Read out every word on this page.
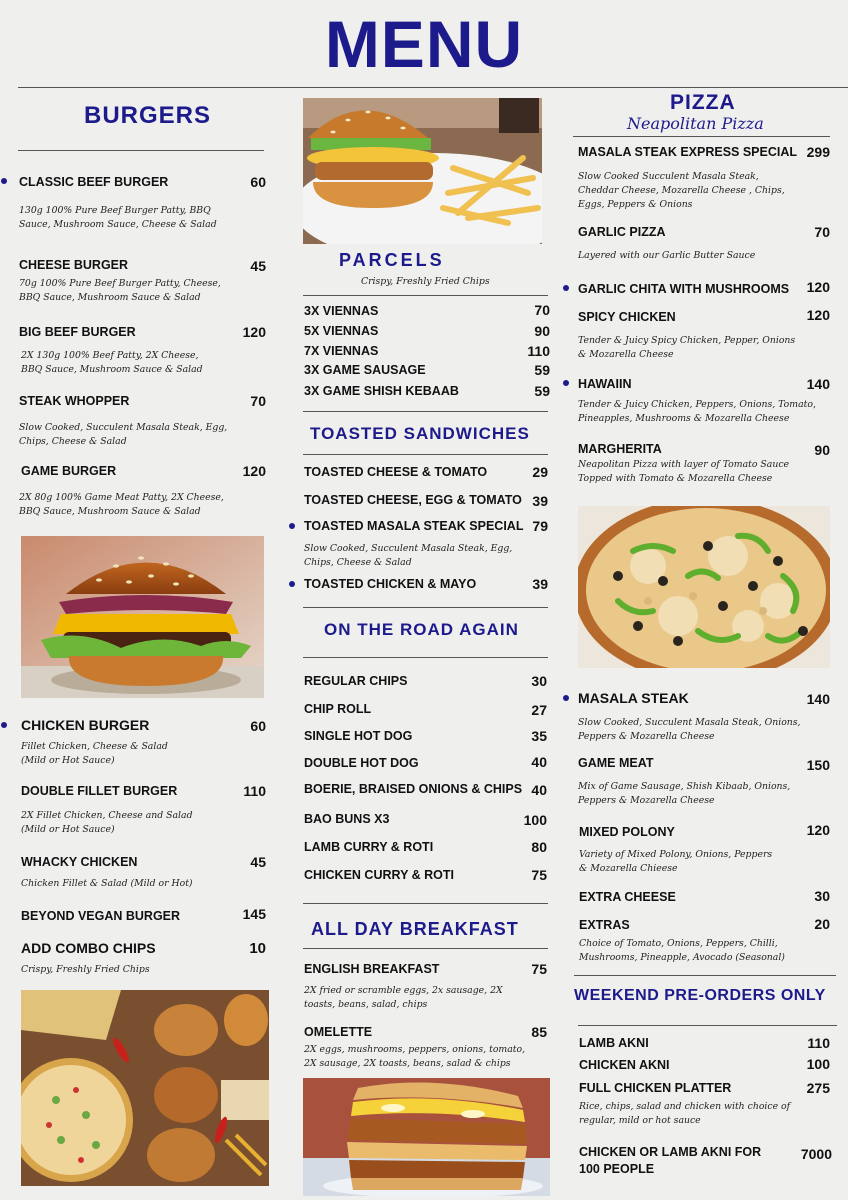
MENU
BURGERS
CLASSIC BEEF BURGER	60
130g 100% Pure Beef Burger Patty, BBQ
Sauce, Mushroom Sauce, Cheese & Salad
CHEESE BURGER	45
70g 100% Pure Beef Burger Patty, Cheese,
BBQ Sauce, Mushroom Sauce & Salad
BIG BEEF BURGER	120
2X 130g 100% Beef Patty, 2X Cheese,
BBQ Sauce, Mushroom Sauce & Salad
STEAK WHOPPER	70
Slow Cooked, Succulent Masala Steak, Egg,
Chips, Cheese & Salad
GAME BURGER	120
2X 80g 100% Game Meat Patty, 2X Cheese,
BBQ Sauce, Mushroom Sauce & Salad
CHICKEN BURGER	60
Fillet Chicken, Cheese & Salad
(Mild or Hot Sauce)
DOUBLE FILLET BURGER	110
2X Fillet Chicken, Cheese and Salad
(Mild or Hot Sauce)
WHACKY CHICKEN	45
Chicken Fillet & Salad (Mild or Hot)
BEYOND VEGAN BURGER	145
ADD COMBO CHIPS	10
Crispy, Freshly Fried Chips
PARCELS
Crispy, Freshly Fried Chips
3X VIENNAS	70
5X VIENNAS	90
7X VIENNAS	110
3X GAME SAUSAGE	59
3X GAME SHISH KEBAAB	59
TOASTED SANDWICHES
TOASTED CHEESE & TOMATO	29
TOASTED CHEESE, EGG & TOMATO 39
TOASTED MASALA STEAK SPECIAL 79
Slow Cooked, Succulent Masala Steak, Egg,
Chips, Cheese & Salad
TOASTED CHICKEN & MAYO	39
ON THE ROAD AGAIN
REGULAR CHIPS	30
CHIP ROLL	27
SINGLE HOT DOG	35
DOUBLE HOT DOG	40
BOERIE, BRAISED ONIONS & CHIPS 40
BAO BUNS X3	100
LAMB CURRY & ROTI	80
CHICKEN CURRY & ROTI	75
ALL DAY BREAKFAST
ENGLISH BREAKFAST	75
2X fried or scramble eggs, 2x sausage, 2X
toasts, beans, salad, chips
OMELETTE	85
2X eggs, mushrooms, peppers, onions, tomato,
2X sausage, 2X toasts, beans, salad & chips
PIZZA
Neapolitan Pizza
MASALA STEAK EXPRESS SPECIAL 299
Slow Cooked Succulent Masala Steak,
Cheddar Cheese, Mozarella Cheese , Chips,
Eggs, Peppers & Onions
GARLIC PIZZA	70
Layered with our Garlic Butter Sauce
GARLIC CHITA WITH MUSHROOMS	120
SPICY CHICKEN	120
Tender & Juicy Spicy Chicken, Pepper, Onions
& Mozarella Cheese
HAWAIIN	140
Tender & Juicy Chicken, Peppers, Onions, Tomato,
Pineapples, Mushrooms & Mozarella Cheese
MARGHERITA	90
Neapolitan Pizza with layer of Tomato Sauce
Topped with Tomato & Mozarella Cheese
MASALA STEAK	140
Slow Cooked, Succulent Masala Steak, Onions,
Peppers & Mozarella Cheese
GAME MEAT	150
Mix of Game Sausage, Shish Kibaab, Onions,
Peppers & Mozarella Cheese
MIXED POLONY	120
Variety of Mixed Polony, Onions, Peppers
& Mozarella Chieese
EXTRA CHEESE	30
EXTRAS	20
Choice of Tomato, Onions, Peppers, Chilli,
Mushrooms, Pineapple, Avocado (Seasonal)
WEEKEND PRE-ORDERS ONLY
LAMB AKNI	110
CHICKEN AKNI	100
FULL CHICKEN PLATTER	275
Rice, chips, salad and chicken with choice of
regular, mild or hot sauce
CHICKEN OR LAMB AKNI FOR
100 PEOPLE
7000
